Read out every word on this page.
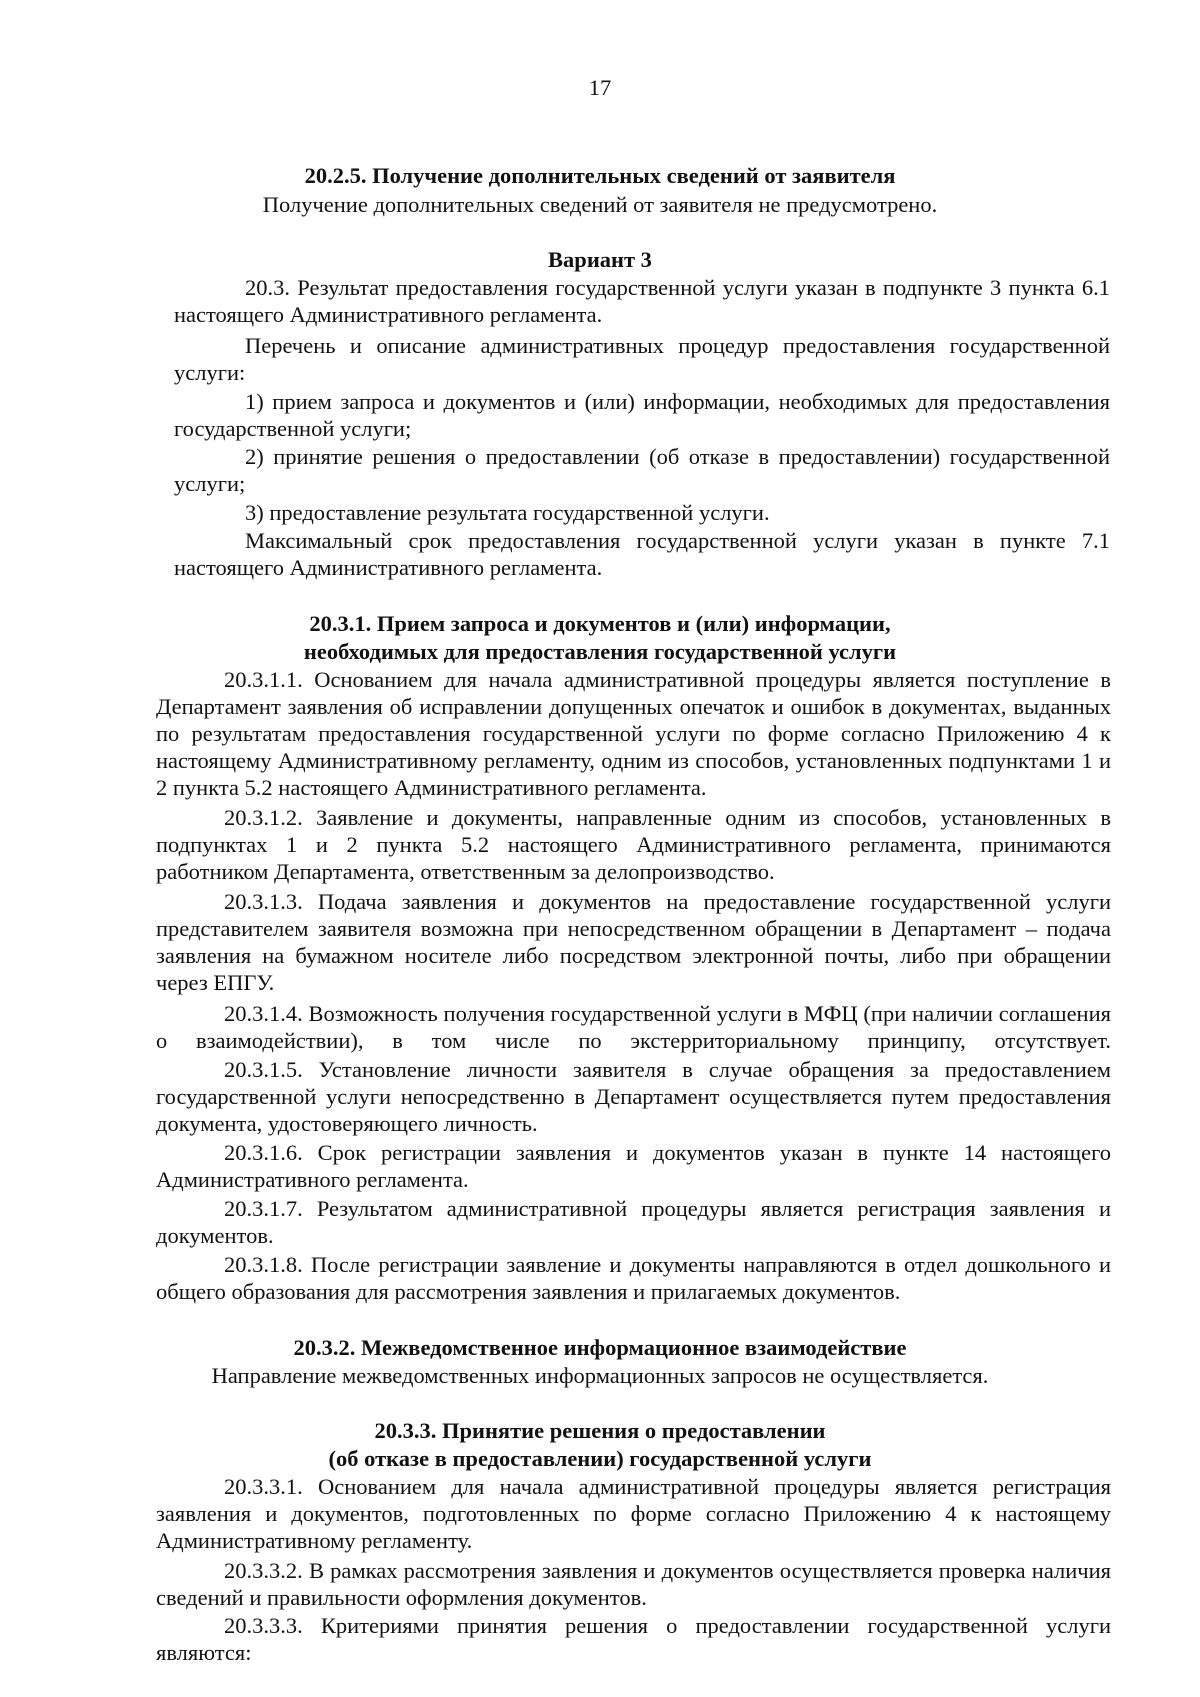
17
20.2.5. Получение дополнительных сведений от заявителя
Получение дополнительных сведений от заявителя не предусмотрено.
Вариант 3
20.3. Результат предоставления государственной услуги указан в подпункте 3 пункта 6.1 настоящего Административного регламента.
Перечень и описание административных процедур предоставления государственной услуги:
1) прием запроса и документов и (или) информации, необходимых для предоставления государственной услуги;
2) принятие решения о предоставлении (об отказе в предоставлении) государственной услуги;
3) предоставление результата государственной услуги.
Максимальный срок предоставления государственной услуги указан в пункте 7.1 настоящего Административного регламента.
20.3.1. Прием запроса и документов и (или) информации,
необходимых для предоставления государственной услуги
20.3.1.1. Основанием для начала административной процедуры является поступление в Департамент заявления об исправлении допущенных опечаток и ошибок в документах, выданных по результатам предоставления государственной услуги по форме согласно Приложению 4 к настоящему Административному регламенту, одним из способов, установленных подпунктами 1 и 2 пункта 5.2 настоящего Административного регламента.
20.3.1.2. Заявление и документы, направленные одним из способов, установленных в подпунктах 1 и 2 пункта 5.2 настоящего Административного регламента, принимаются работником Департамента, ответственным за делопроизводство.
20.3.1.3. Подача заявления и документов на предоставление государственной услуги представителем заявителя возможна при непосредственном обращении в Департамент – подача заявления на бумажном носителе либо посредством электронной почты, либо при обращении через ЕПГУ.
20.3.1.4. Возможность получения государственной услуги в МФЦ (при наличии соглашения о взаимодействии), в том числе по экстерриториальному принципу, отсутствует.
20.3.1.5. Установление личности заявителя в случае обращения за предоставлением государственной услуги непосредственно в Департамент осуществляется путем предоставления документа, удостоверяющего личность.
20.3.1.6. Срок регистрации заявления и документов указан в пункте 14 настоящего Административного регламента.
20.3.1.7. Результатом административной процедуры является регистрация заявления и документов.
20.3.1.8. После регистрации заявление и документы направляются в отдел дошкольного и общего образования для рассмотрения заявления и прилагаемых документов.
20.3.2. Межведомственное информационное взаимодействие
Направление межведомственных информационных запросов не осуществляется.
20.3.3. Принятие решения о предоставлении
(об отказе в предоставлении) государственной услуги
20.3.3.1. Основанием для начала административной процедуры является регистрация заявления и документов, подготовленных по форме согласно Приложению 4 к настоящему Административному регламенту.
20.3.3.2. В рамках рассмотрения заявления и документов осуществляется проверка наличия сведений и правильности оформления документов.
20.3.3.3. Критериями принятия решения о предоставлении государственной услуги являются:
